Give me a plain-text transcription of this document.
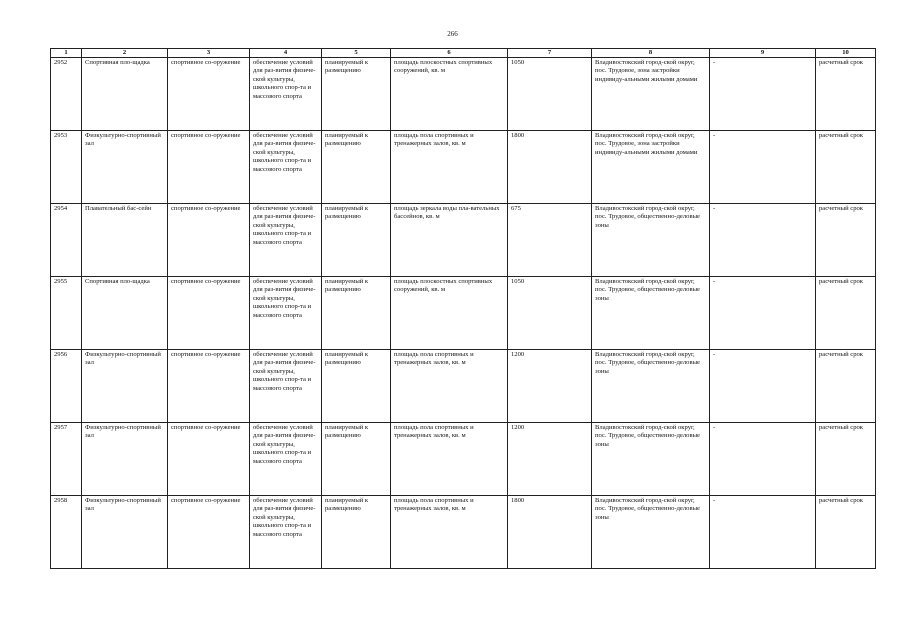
266
1	2	3	4	5	6	7	8	9	10
2952	Спортивная пло-щадка	спортивное со-оружение	обеспечение условий для раз-вития физиче-ской культуры, школьного спор-та и массового спорта	планируемый к размещению	площадь плоскостных спортивных сооружений, кв. м	1050	Владивостокский город-ской округ, пос. Трудовое, зона застройки индивиду-альными жилыми домами	-	расчетный срок
2953	Физкультурно-спортивный зал	спортивное со-оружение	обеспечение условий для раз-вития физиче-ской культуры, школьного спор-та и массового спорта	планируемый к размещению	площадь пола спортивных и тренажерных залов, кв. м	1800	Владивостокский город-ской округ, пос. Трудовое, зона застройки индивиду-альными жилыми домами	-	расчетный срок
2954	Плавательный бас-сейн	спортивное со-оружение	обеспечение условий для раз-вития физиче-ской культуры, школьного спор-та и массового спорта	планируемый к размещению	площадь зеркала воды пла-вательных бассейнов, кв. м	675	Владивостокский город-ской округ, пос. Трудовое, общественно-деловые зоны	-	расчетный срок
2955	Спортивная пло-щадка	спортивное со-оружение	обеспечение условий для раз-вития физиче-ской культуры, школьного спор-та и массового спорта	планируемый к размещению	площадь плоскостных спортивных сооружений, кв. м	1050	Владивостокский город-ской округ, пос. Трудовое, общественно-деловые зоны	-	расчетный срок
2956	Физкультурно-спортивный зал	спортивное со-оружение	обеспечение условий для раз-вития физиче-ской культуры, школьного спор-та и массового спорта	планируемый к размещению	площадь пола спортивных и тренажерных залов, кв. м	1200	Владивостокский город-ской округ, пос. Трудовое, общественно-деловые зоны	-	расчетный срок
2957	Физкультурно-спортивный зал	спортивное со-оружение	обеспечение условий для раз-вития физиче-ской культуры, школьного спор-та и массового спорта	планируемый к размещению	площадь пола спортивных и тренажерных залов, кв. м	1200	Владивостокский город-ской округ, пос. Трудовое, общественно-деловые зоны	-	расчетный срок
2958	Физкультурно-спортивный зал	спортивное со-оружение	обеспечение условий для раз-вития физиче-ской культуры, школьного спор-та и массового спорта	планируемый к размещению	площадь пола спортивных и тренажерных залов, кв. м	1800	Владивостокский город-ской округ, пос. Трудовое, общественно-деловые зоны	-	расчетный срок
